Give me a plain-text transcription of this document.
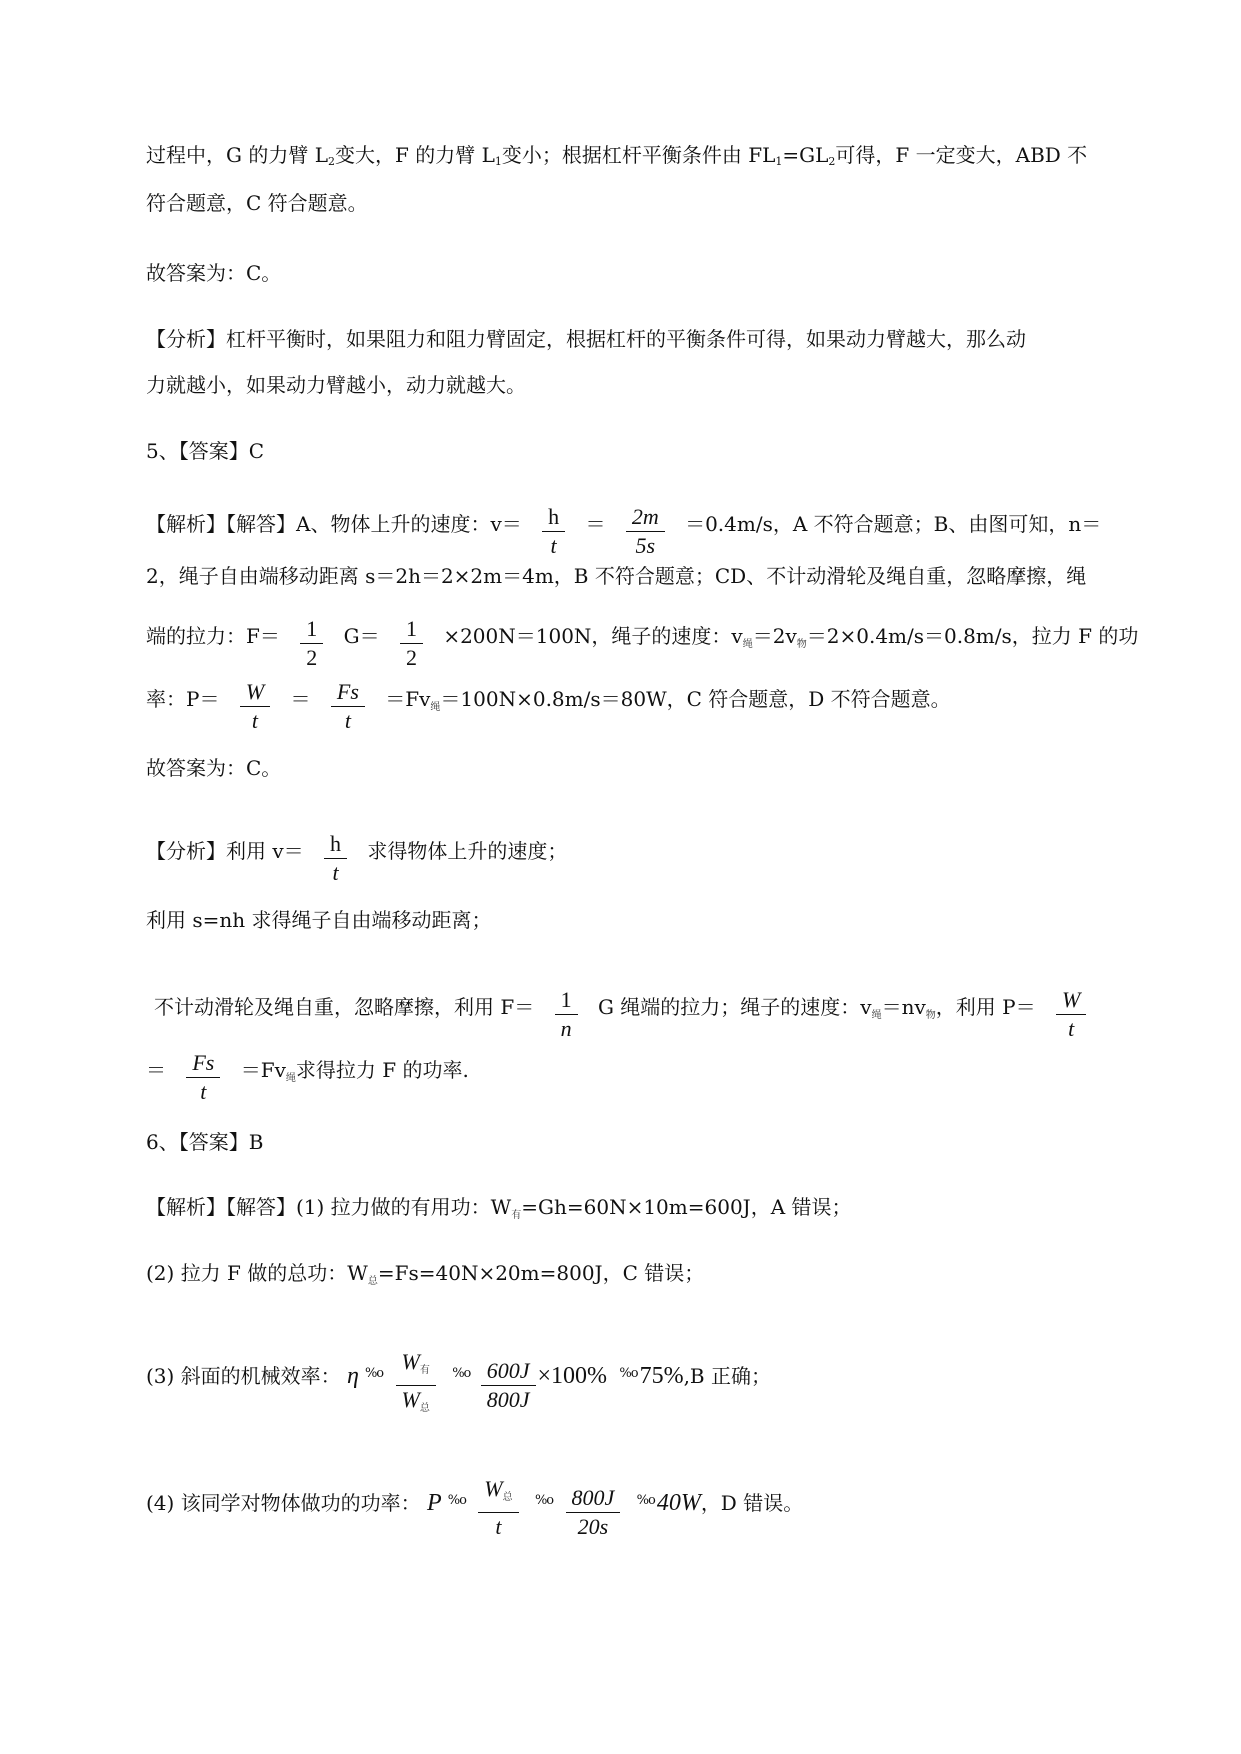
过程中，G 的力臂 $L_2$变大，F 的力臂 $L_1$变小；根据杠杆平衡条件由 $FL_1=GL_2$可得，F 一定变大，ABD 不
符合题意，C 符合题意。
故答案为：C。
【分析】杠杆平衡时，如果阻力和阻力臂固定，根据杠杆的平衡条件可得，如果动力臂越大，那么动
力就越小，如果动力臂越小，动力就越大。
5、【答案】C
【解析】【解答】A、物体上升的速度：$v= \frac{h}{t} = \frac{2m}{5s} =0.4m/s$，A 不符合题意；B、由图可知，n＝
2，绳子自由端移动距离 s＝2h＝2×2m＝4m，B 不符合题意；CD、不计动滑轮及绳自重，忽略摩擦，绳
端的拉力：$F= \frac{1}{2} G= \frac{1}{2} \times 200N=100N$，绳子的速度：$v_绳=2v_物=2\times 0.4m/s=0.8m/s$，拉力 F 的功
率：$P= \frac{W}{t} = \frac{Fs}{t} =Fv_绳=100N\times 0.8m/s=80W$，C 符合题意，D 不符合题意。
故答案为：C。
【分析】利用 $v= \frac{h}{t}$ 求得物体上升的速度；
利用 s=nh 求得绳子自由端移动距离；
不计动滑轮及绳自重，忽略摩擦，利用 $F= \frac{1}{n}$ G 绳端的拉力；绳子的速度：$v_绳=nv_物$，利用 $P= \frac{W}{t}$
＝ $\frac{Fs}{t} =Fv_绳$求得拉力 F 的功率.
6、【答案】B
【解析】【解答】(1) 拉力做的有用功：$W_有=Gh=60N\times 10m=600J$，A 错误；
(2) 拉力 F 做的总功：$W_总=Fs=40N\times 20m=800J$，C 错误；
(3) 斜面的机械效率： η $^{\%o} \frac{\text{W有}}{\text{W总}} ^{\%o} \frac{600J}{800J} \times 100\%$ $^{\%o}$75%,B 正确；
(4) 该同学对物体做功的功率： P $^{\%o} \frac{\text{W总}}{t} ^{\%o} \frac{800J}{20s} ^{\%o}40W$，D 错误。
